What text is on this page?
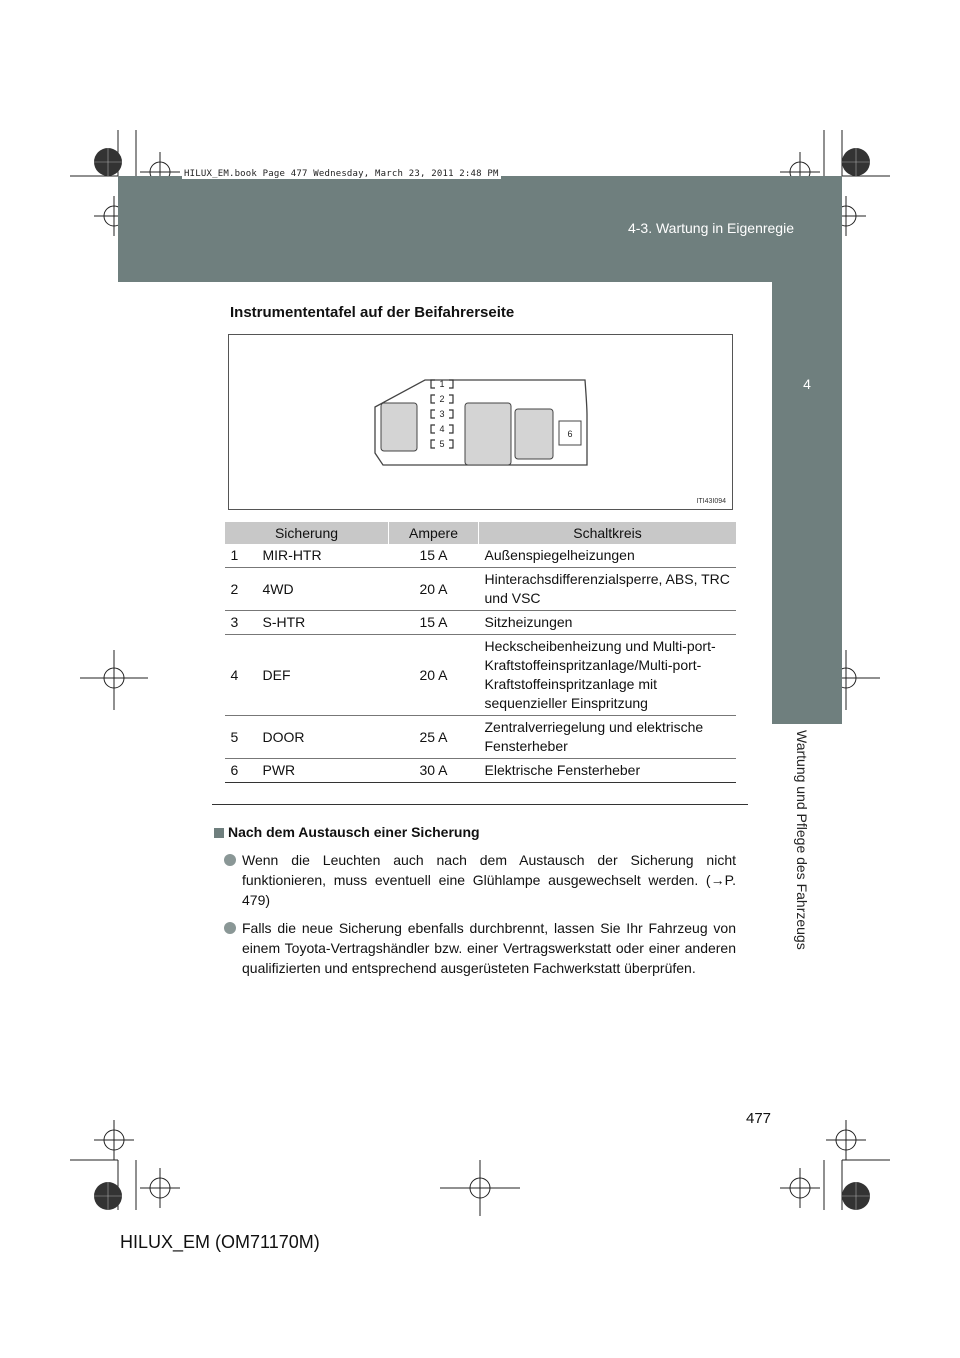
4-3. Wartung in Eigenregie
HILUX_EM.book Page 477 Wednesday, March 23, 2011 2:48 PM
4
Wartung und Pflege des Fahrzeugs
Instrumententafel auf der Beifahrerseite
1
2
3
4
5
6
ITI43I094
Sicherung		Ampere	Schaltkreis
1	MIR-HTR	15 A	Außenspiegelheizungen
2	4WD	20 A	Hinterachsdifferenzialsperre, ABS, TRC und VSC
3	S-HTR	15 A	Sitzheizungen
4	DEF	20 A	Heckscheibenheizung und Multi-port-Kraftstoffeinspritzanlage/Multi-port-Kraftstoffeinspritzanlage mit sequenzieller Einspritzung
5	DOOR	25 A	Zentralverriegelung und elektrische Fensterheber
6	PWR	30 A	Elektrische Fensterheber
Nach dem Austausch einer Sicherung
Wenn die Leuchten auch nach dem Austausch der Sicherung nicht funktionieren, muss eventuell eine Glühlampe ausgewechselt werden. (→P. 479)
Falls die neue Sicherung ebenfalls durchbrennt, lassen Sie Ihr Fahrzeug von einem Toyota-Vertragshändler bzw. einer Vertragswerkstatt oder einer anderen qualifizierten und entsprechend ausgerüsteten Fachwerkstatt überprüfen.
477
HILUX_EM (OM71170M)
